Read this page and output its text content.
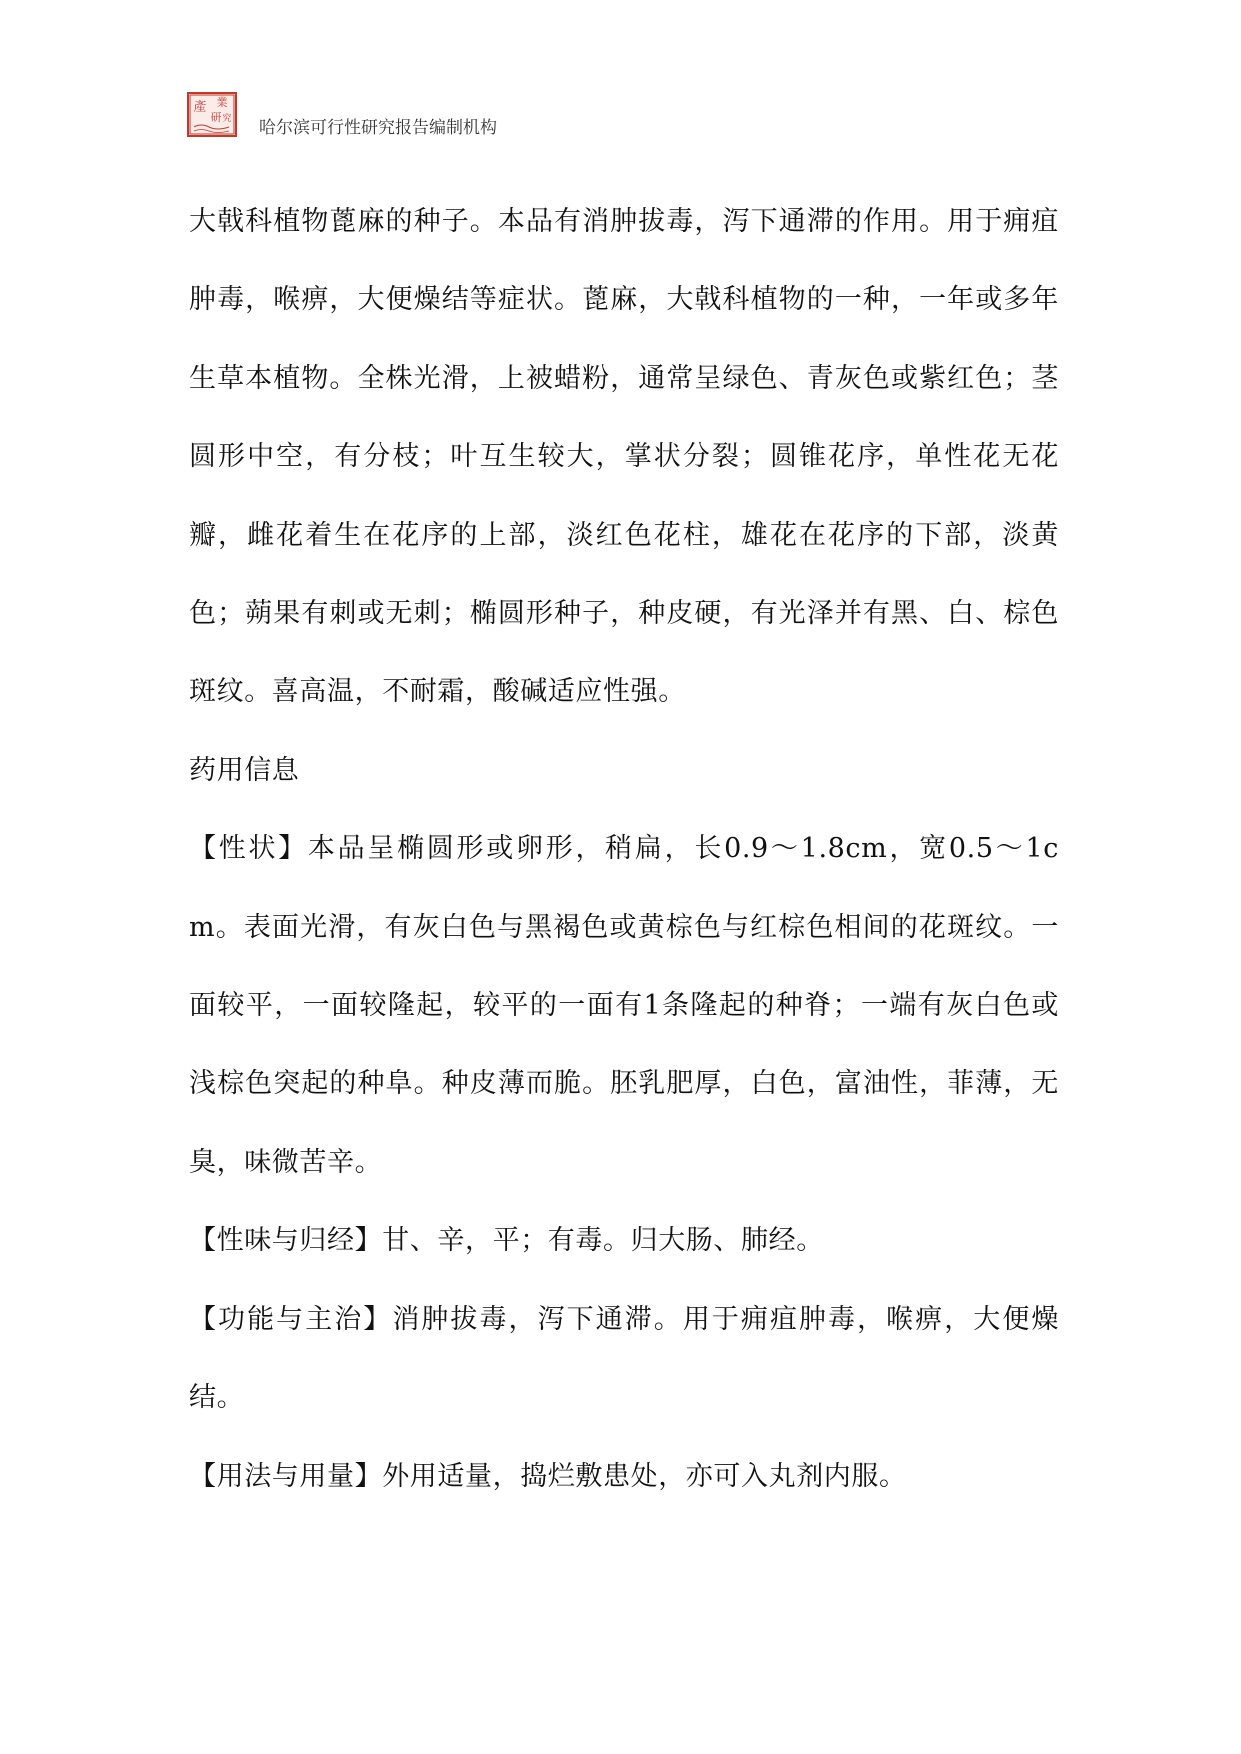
產 業
研 究 哈尔滨可行性研究报告编制机构

大戟科植物蓖麻的种子。本品有消肿拔毒，泻下通滞的作用。用于痈疽肿毒，喉痹，大便燥结等症状。蓖麻，大戟科植物的一种，一年或多年生草本植物。全株光滑，上被蜡粉，通常呈绿色、青灰色或紫红色；茎圆形中空，有分枝；叶互生较大，掌状分裂；圆锥花序，单性花无花瓣，雌花着生在花序的上部，淡红色花柱，雄花在花序的下部，淡黄色；蒴果有刺或无刺；椭圆形种子，种皮硬，有光泽并有黑、白、棕色斑纹。喜高温，不耐霜，酸碱适应性强。

药用信息

【性状】本品呈椭圆形或卵形，稍扁，长0.9～1.8cm，宽0.5～1cm。表面光滑，有灰白色与黑褐色或黄棕色与红棕色相间的花斑纹。一面较平，一面较隆起，较平的一面有1条隆起的种脊；一端有灰白色或浅棕色突起的种阜。种皮薄而脆。胚乳肥厚，白色，富油性，菲薄，无臭，味微苦辛。

【性味与归经】甘、辛，平；有毒。归大肠、肺经。

【功能与主治】消肿拔毒，泻下通滞。用于痈疽肿毒，喉痹，大便燥结。

【用法与用量】外用适量，捣烂敷患处，亦可入丸剂内服。
